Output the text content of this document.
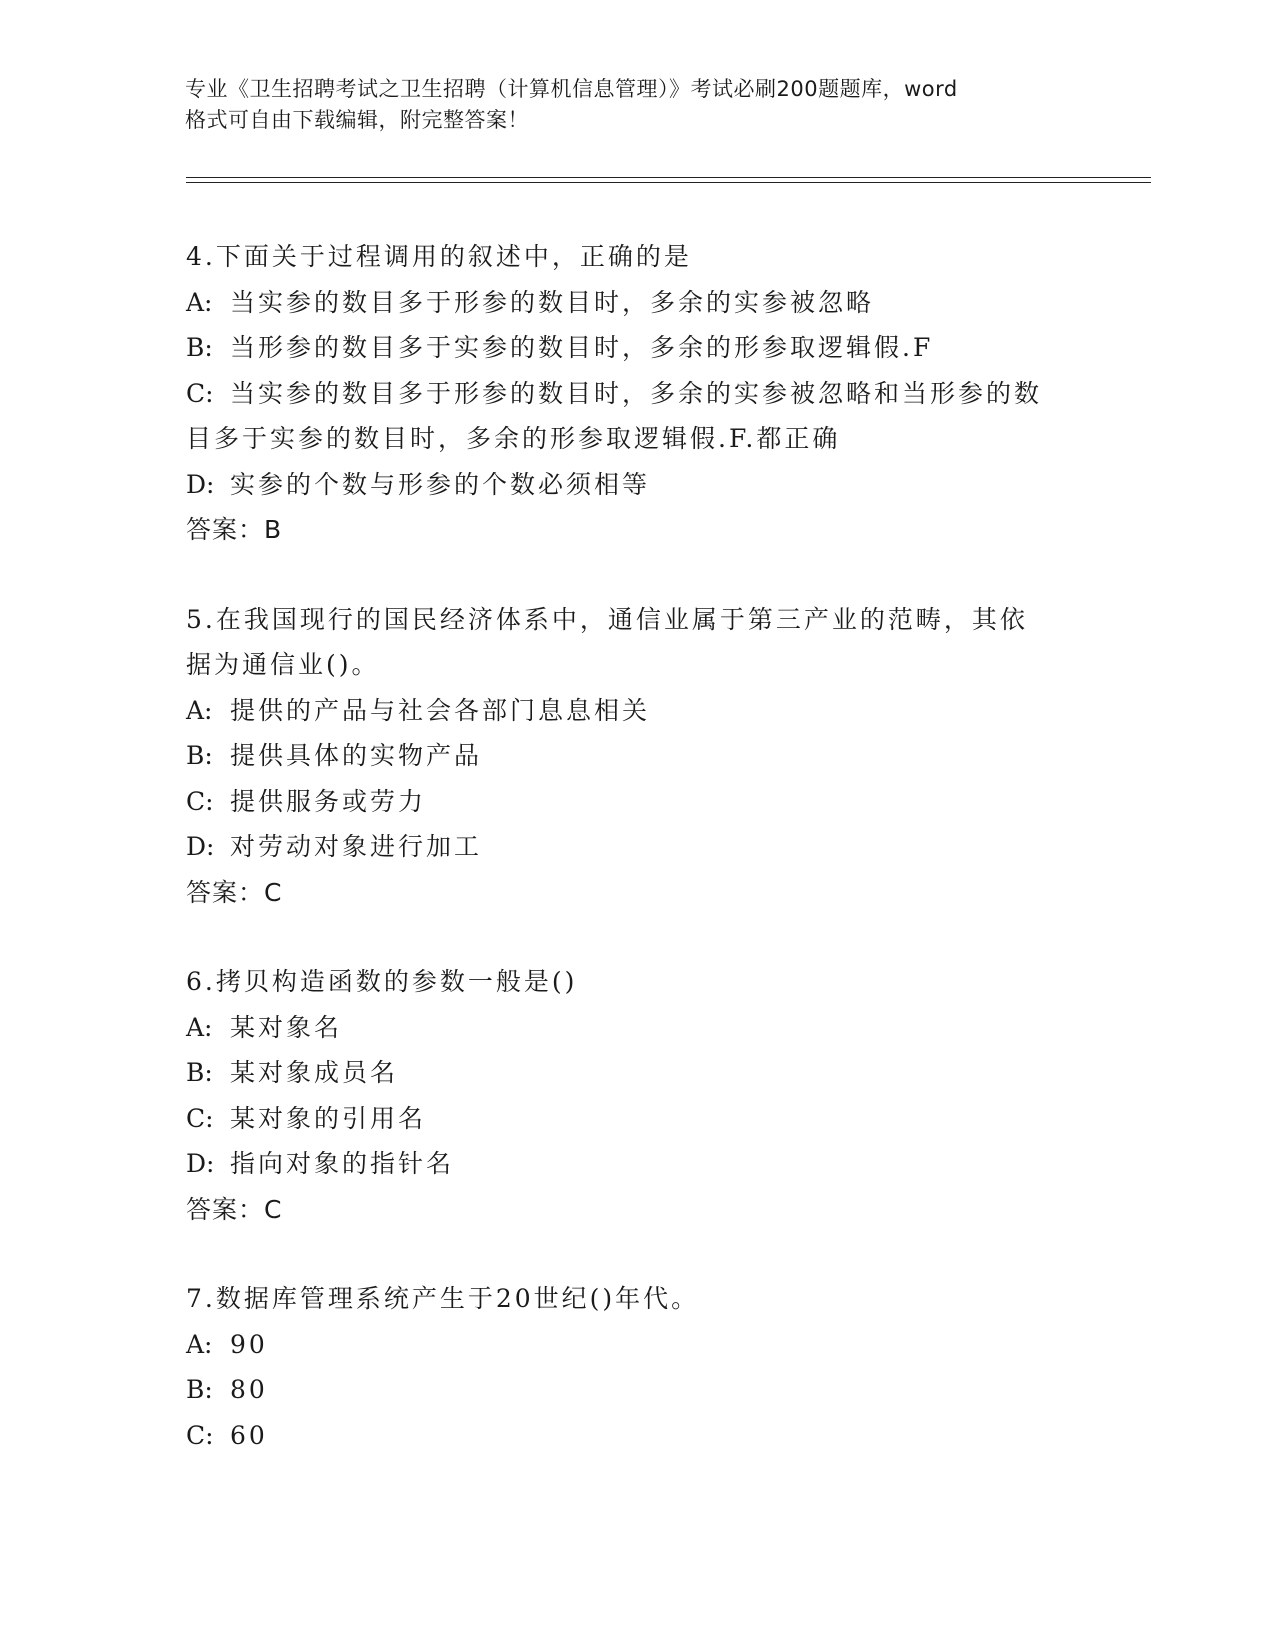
专业《卫生招聘考试之卫生招聘（计算机信息管理）》考试必刷200题题库，word
格式可自由下载编辑，附完整答案！
4.下面关于过程调用的叙述中，正确的是
A: 当实参的数目多于形参的数目时，多余的实参被忽略
B: 当形参的数目多于实参的数目时，多余的形参取逻辑假.F
C: 当实参的数目多于形参的数目时，多余的实参被忽略和当形参的数
目多于实参的数目时，多余的形参取逻辑假.F.都正确
D: 实参的个数与形参的个数必须相等
答案：B
5.在我国现行的国民经济体系中，通信业属于第三产业的范畴，其依
据为通信业()。
A: 提供的产品与社会各部门息息相关
B: 提供具体的实物产品
C: 提供服务或劳力
D: 对劳动对象进行加工
答案：C
6.拷贝构造函数的参数一般是()
A: 某对象名
B: 某对象成员名
C: 某对象的引用名
D: 指向对象的指针名
答案：C
7.数据库管理系统产生于20世纪()年代。
A: 90
B: 80
C: 60
